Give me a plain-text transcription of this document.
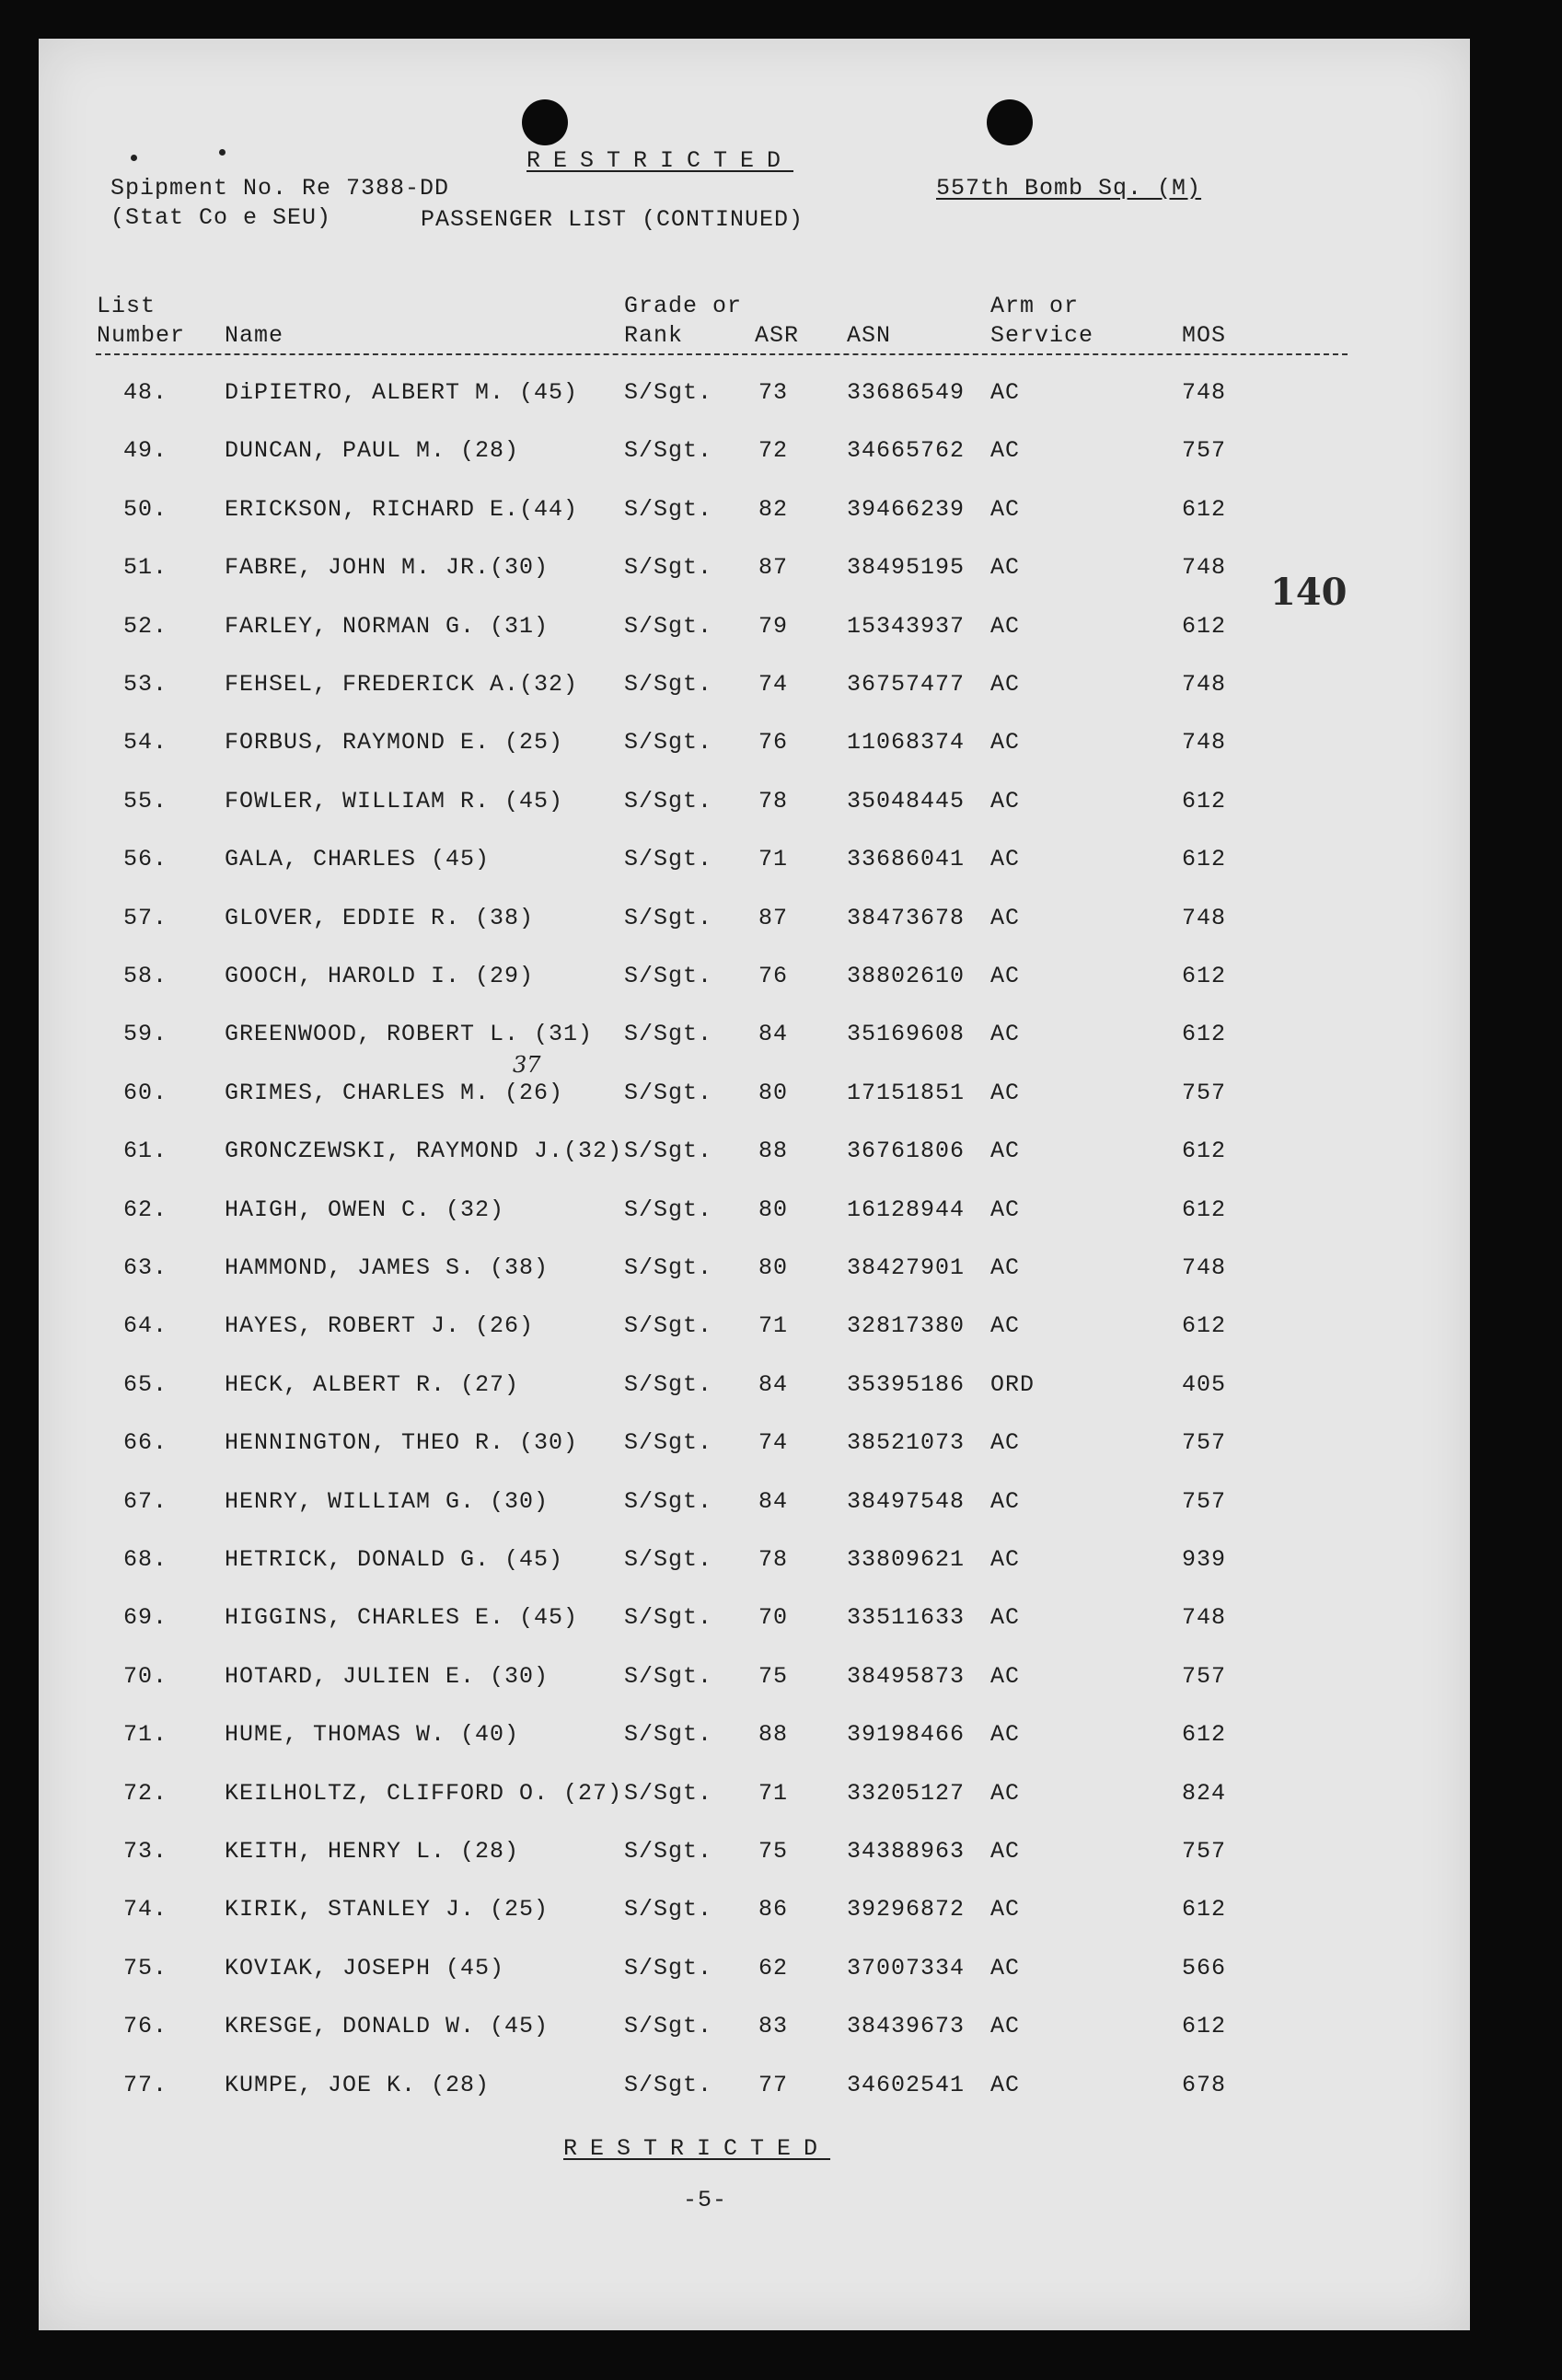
RESTRICTED
Spipment No. Re 7388-DD
(Stat Co e SEU)	PASSENGER LIST (CONTINUED)
557th Bomb Sq. (M)
List
Number Name
Grade or
Rank	ASR ASN
Arm or
Service	MOS
48. DiPIETRO, ALBERT M. (45) S/Sgt. 73	33686549 AC	748
49. DUNCAN, PAUL M. (28)	S/Sgt. 72	34665762 AC	757
50. ERICKSON, RICHARD E.(44) S/Sgt. 82	39466239 AC	612
51. FABRE, JOHN M. JR.(30)	S/Sgt. 87	38495195 AC	748
52. FARLEY, NORMAN G. (31)	S/Sgt. 79	15343937 AC	612
53. FEHSEL, FREDERICK A.(32) S/Sgt. 74	36757477 AC	748
54. FORBUS, RAYMOND E. (25)	S/Sgt. 76	11068374 AC	748
55. FOWLER, WILLIAM R. (45)	S/Sgt. 78	35048445 AC	612
56. GALA, CHARLES (45)	S/Sgt. 71	33686041 AC	612
57. GLOVER, EDDIE R. (38)	S/Sgt. 87	38473678 AC	748
58. GOOCH, HAROLD I. (29)	S/Sgt. 76	38802610 AC	612
59. GREENWOOD, ROBERT L. (31) S/Sgt. 84	35169608 AC	612
60. GRIMES, CHARLES M. (26)	S/Sgt. 80	17151851 AC	757
61. GRONCZEWSKI, RAYMOND J.(32) S/Sgt. 88	36761806 AC	612
62. HAIGH, OWEN C. (32)	S/Sgt. 80	16128944 AC	612
63. HAMMOND, JAMES S. (38)	S/Sgt. 80	38427901 AC	748
64. HAYES, ROBERT J. (26)	S/Sgt. 71	32817380 AC	612
65. HECK, ALBERT R. (27)	S/Sgt. 84	35395186 ORD	405
66. HENNINGTON, THEO R. (30) S/Sgt. 74	38521073 AC	757
67. HENRY, WILLIAM G. (30)	S/Sgt. 84	38497548 AC	757
68. HETRICK, DONALD G. (45)	S/Sgt. 78	33809621 AC	939
69. HIGGINS, CHARLES E. (45) S/Sgt. 70	33511633 AC	748
70. HOTARD, JULIEN E. (30)	S/Sgt. 75	38495873 AC	757
71. HUME, THOMAS W. (40)	S/Sgt. 88	39198466 AC	612
72. KEILHOLTZ, CLIFFORD O. (27) S/Sgt. 71	33205127 AC	824
73. KEITH, HENRY L. (28)	S/Sgt. 75	34388963 AC	757
74. KIRIK, STANLEY J. (25)	S/Sgt. 86	39296872 AC	612
75. KOVIAK, JOSEPH (45)	S/Sgt. 62	37007334 AC	566
76. KRESGE, DONALD W. (45)	S/Sgt. 83	38439673 AC	612
77. KUMPE, JOE K. (28)	S/Sgt. 77	34602541 AC	678
140
37
RESTRICTED
-5-
